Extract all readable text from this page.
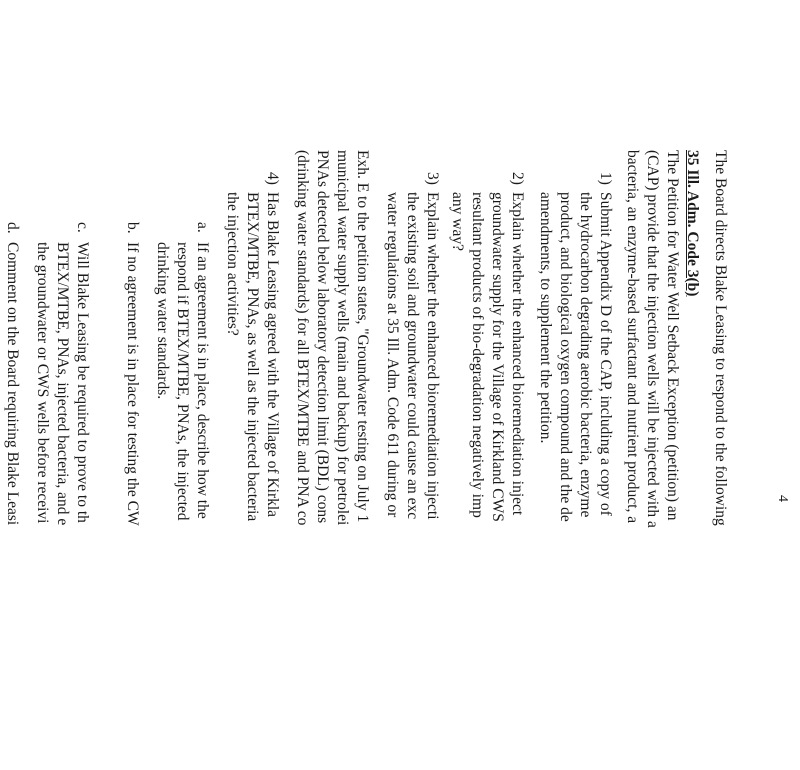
4
The Board directs Blake Leasing to respond to the following
35 Ill. Adm. Code 3(b)
The Petition for Water Well Setback Exception (petition) an
(CAP) provide that the injection wells will be injected with a
bacteria, an enzyme-based surfactant and nutrient product, a
1)
Submit Appendix D of the CAP, including a copy of
the hydrocarbon degrading aerobic bacteria, enzyme
product, and biological oxygen compound and the de
amendments, to supplement the petition.
2)
Explain whether the enhanced bioremediation inject
groundwater supply for the Village of Kirkland CWS
resultant products of bio-degradation negatively imp
any way?
3)
Explain whether the enhanced bioremediation injecti
the existing soil and groundwater could cause an exc
water regulations at 35 Ill. Adm. Code 611 during or
Exh. E to the petition states, "Groundwater testing on July 1
municipal water supply wells (main and backup) for petrolei
PNAs detected below laboratory detection limit (BDL) cons
(drinking water standards) for all BTEX/MTBE and PNA co
4)
Has Blake Leasing agreed with the Village of Kirkla
BTEX/MTBE, PNAs, as well as the injected bacteria
the injection activities?
a.
If an agreement is in place, describe how the
respond if BTEX/MTBE, PNAs, the injected
drinking water standards.
b.
If no agreement is in place for testing the CW
c.
Will Blake Leasing be required to prove to th
BTEX/MTBE, PNAs, injected bacteria, and e
the groundwater or CWS wells before receivi
d.
Comment on the Board requiring Blake Leasi
